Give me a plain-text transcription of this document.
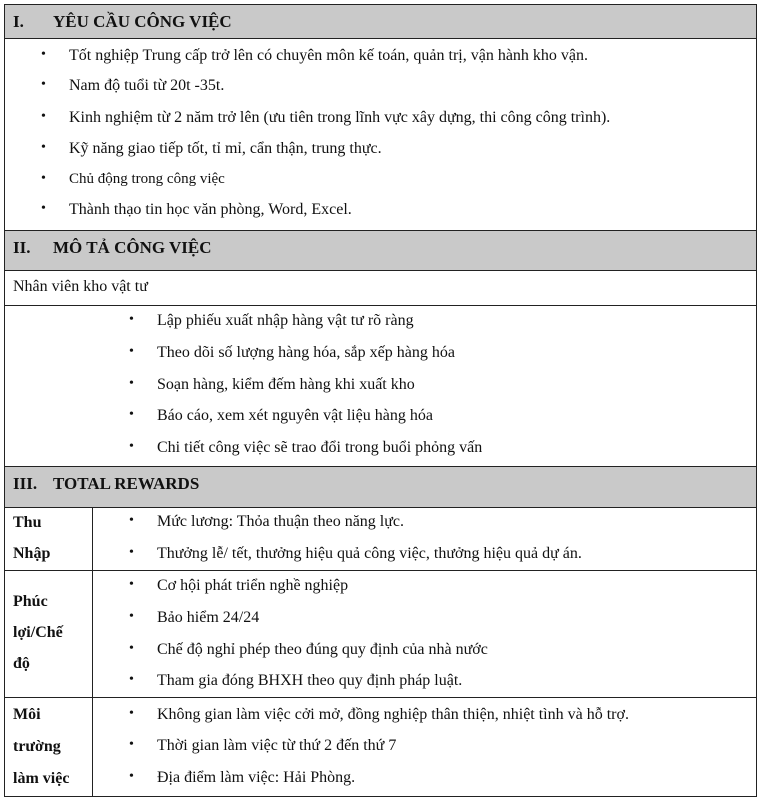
I. YÊU CẦU CÔNG VIỆC
• Tốt nghiệp Trung cấp trở lên có chuyên môn kế toán, quản trị, vận hành kho vận.
• Nam độ tuổi từ 20t -35t.
• Kinh nghiệm từ 2 năm trở lên (ưu tiên trong lĩnh vực xây dựng, thi công công trình).
• Kỹ năng giao tiếp tốt, tỉ mỉ, cẩn thận, trung thực.
• Chủ động trong công việc
• Thành thạo tin học văn phòng, Word, Excel.
II. MÔ TẢ CÔNG VIỆC
Nhân viên kho vật tư
• Lập phiếu xuất nhập hàng vật tư rõ ràng
• Theo dõi số lượng hàng hóa, sắp xếp hàng hóa
• Soạn hàng, kiểm đếm hàng khi xuất kho
• Báo cáo, xem xét nguyên vật liệu hàng hóa
• Chi tiết công việc sẽ trao đổi trong buổi phỏng vấn
III. TOTAL REWARDS
Thu
Nhập
• Mức lương: Thỏa thuận theo năng lực.
• Thưởng lễ/ tết, thưởng hiệu quả công việc, thưởng hiệu quả dự án.
Phúc
lợi/Chế
độ
• Cơ hội phát triển nghề nghiệp
• Bảo hiểm 24/24
• Chế độ nghỉ phép theo đúng quy định của nhà nước
• Tham gia đóng BHXH theo quy định pháp luật.
Môi
trường
làm việc
• Không gian làm việc cởi mở, đồng nghiệp thân thiện, nhiệt tình và hỗ trợ.
• Thời gian làm việc từ thứ 2 đến thứ 7
• Địa điểm làm việc: Hải Phòng.
